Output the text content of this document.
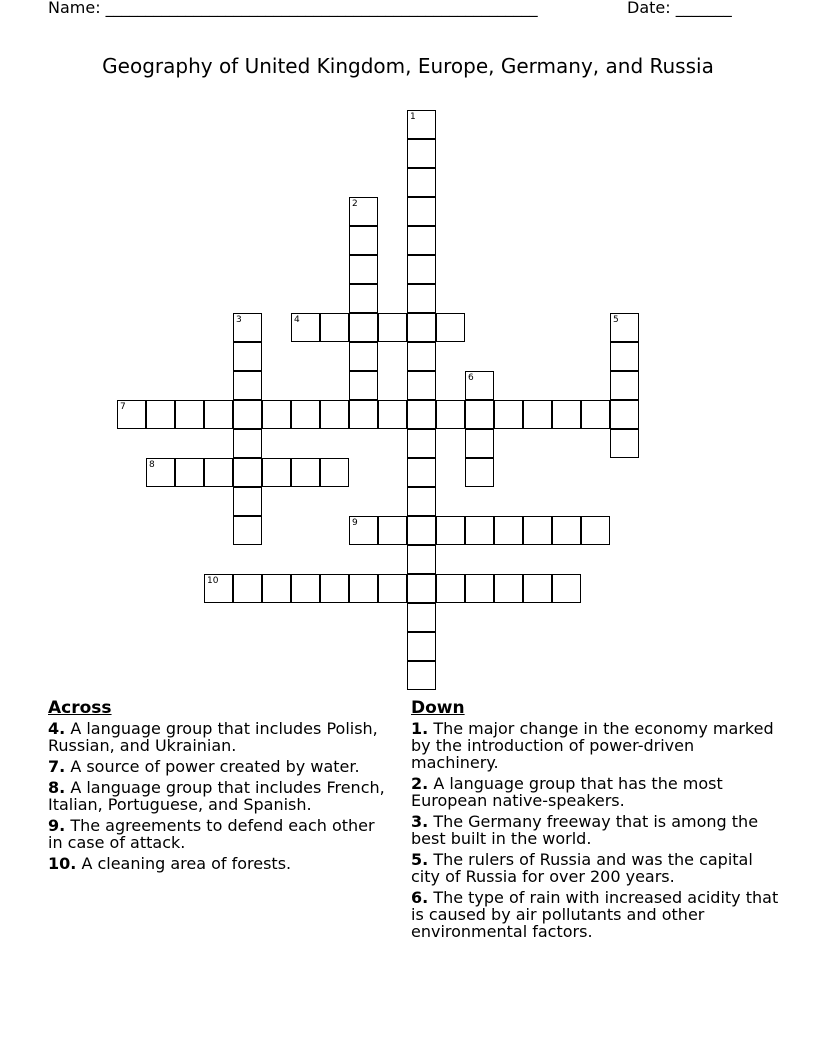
Name: ______________________________________________________	Date: _______
Geography of United Kingdom, Europe, Germany, and Russia
1
2
3	4	5
6
7
8
9
10
Across
4. A language group that includes Polish, Russian, and Ukrainian.
7. A source of power created by water.
8. A language group that includes French, Italian, Portuguese, and Spanish.
9. The agreements to defend each other in case of attack.
10. A cleaning area of forests.
Down
1. The major change in the economy marked by the introduction of power-driven machinery.
2. A language group that has the most European native-speakers.
3. The Germany freeway that is among the best built in the world.
5. The rulers of Russia and was the capital city of Russia for over 200 years.
6. The type of rain with increased acidity that is caused by air pollutants and other environmental factors.
